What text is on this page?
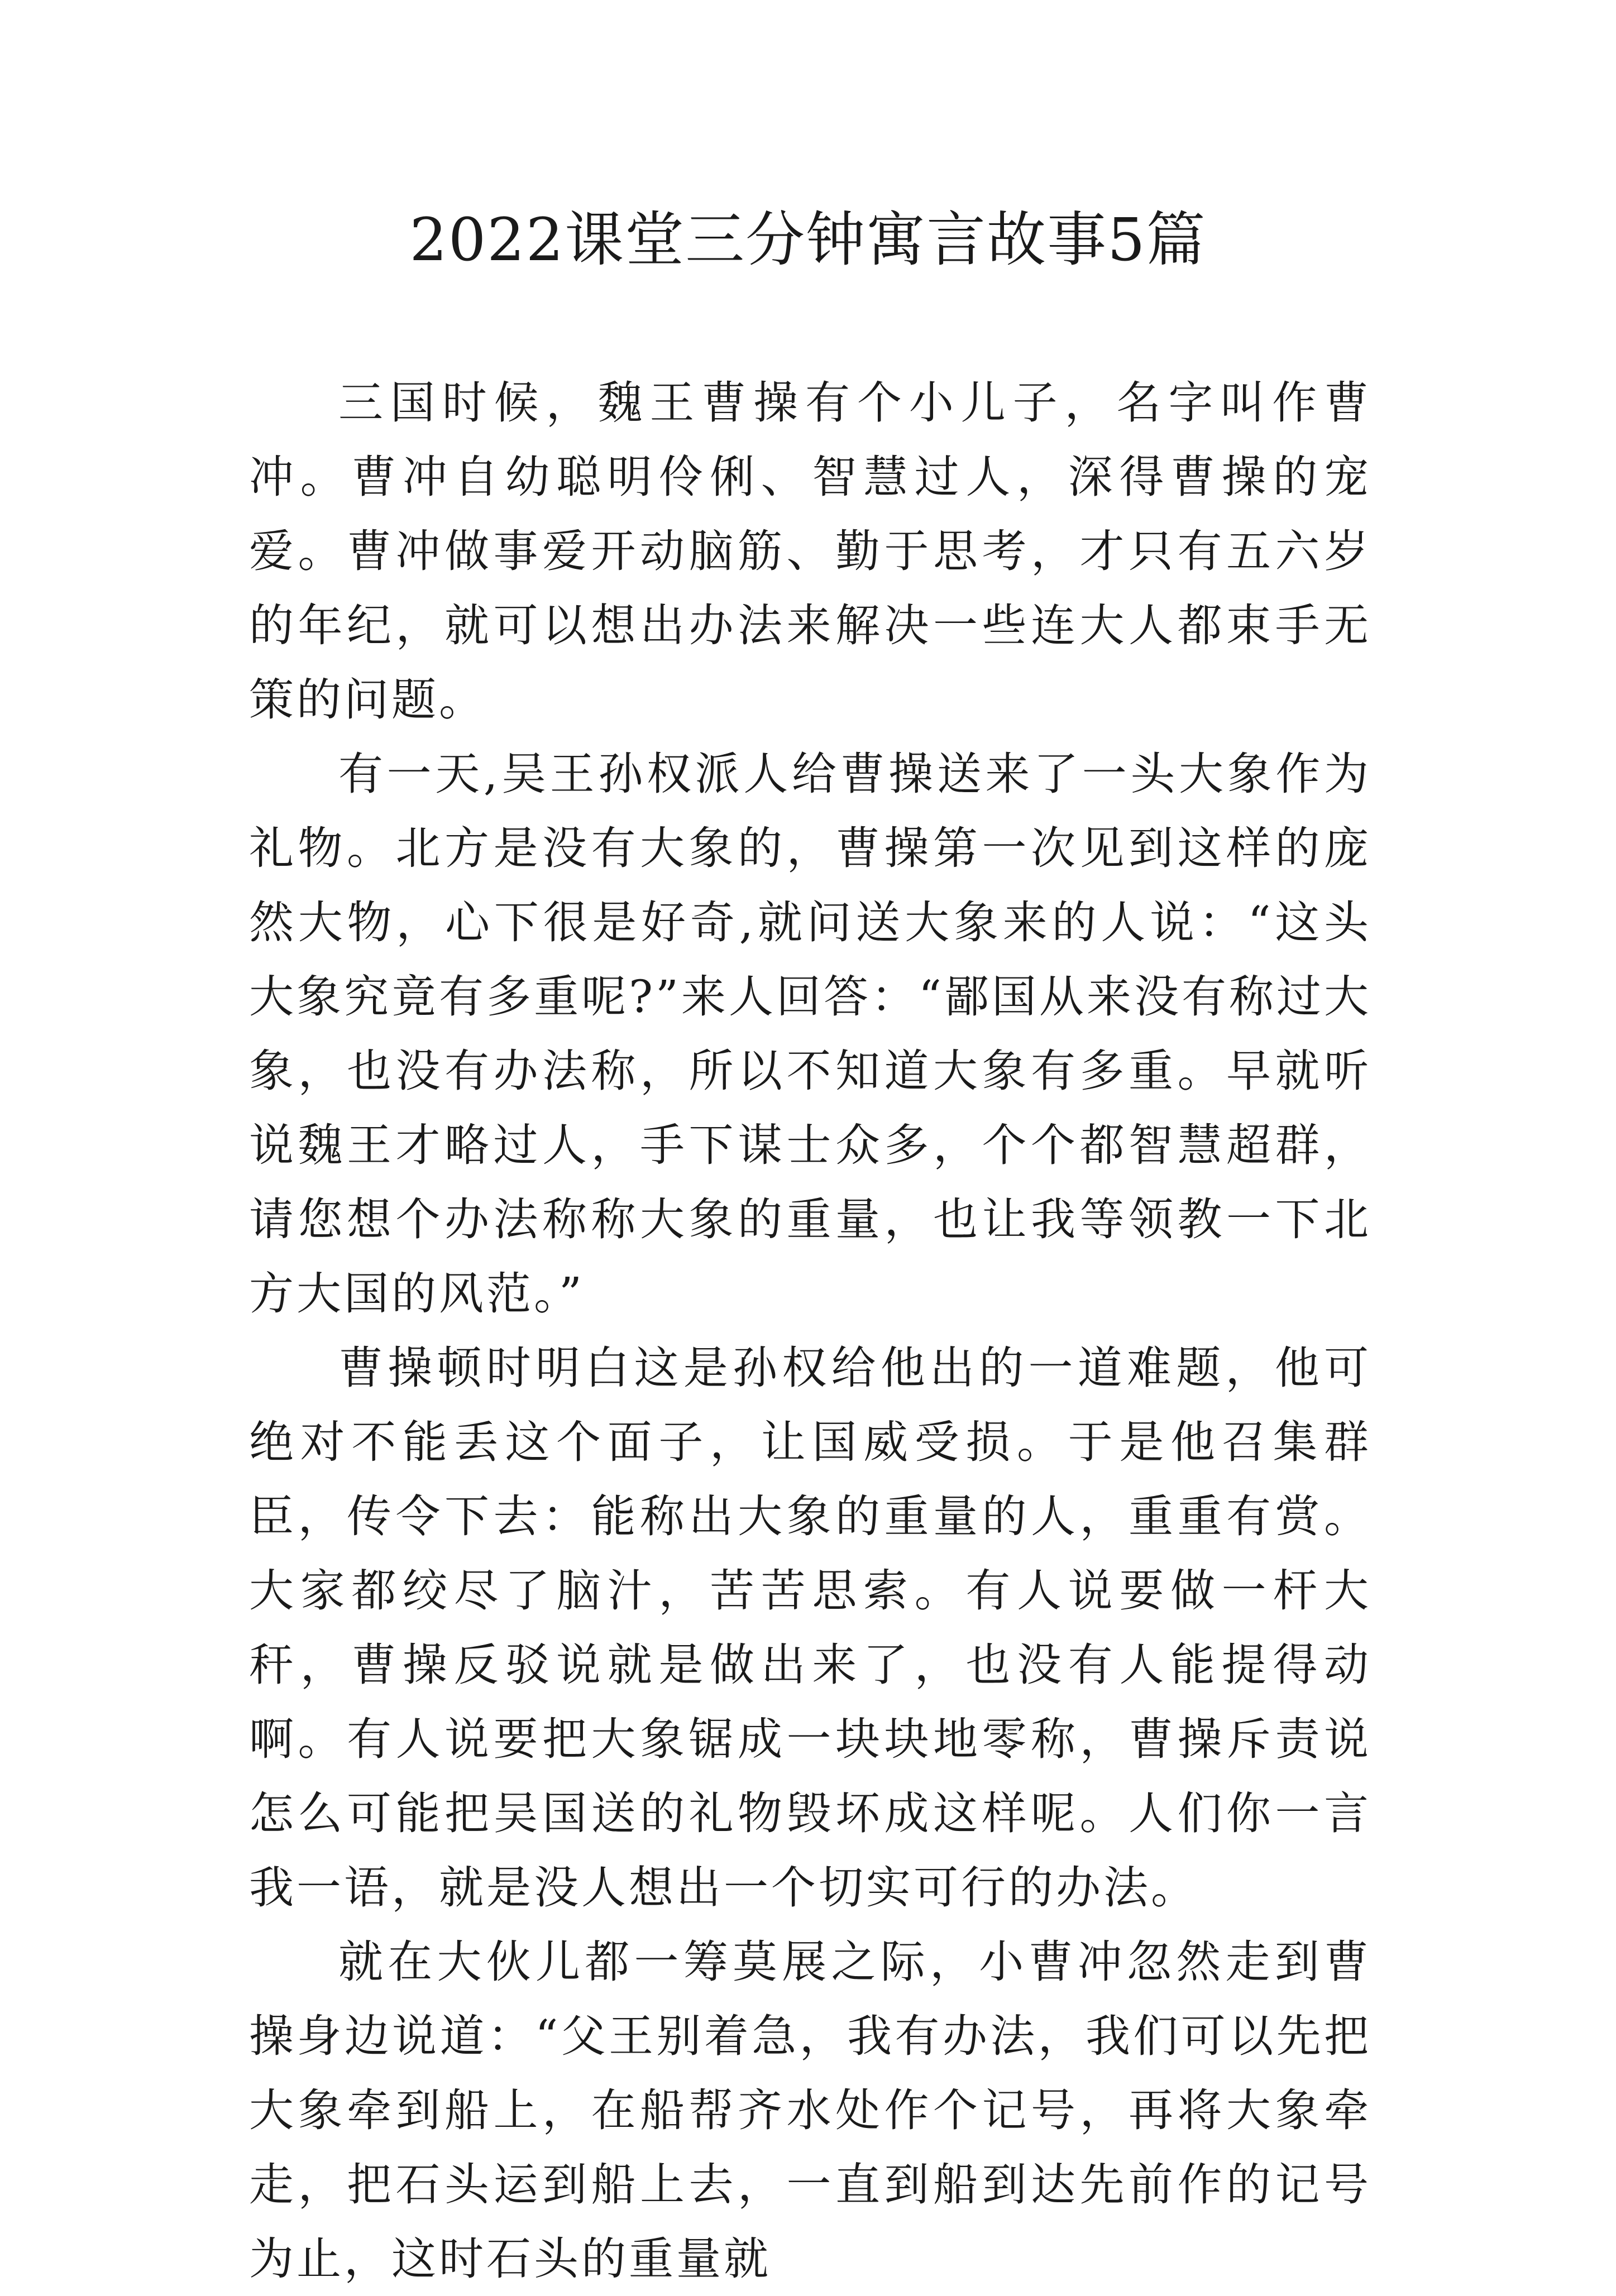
2022课堂三分钟寓言故事5篇

三国时候，魏王曹操有个小儿子，名字叫作曹冲。曹冲自幼聪明伶俐、智慧过人，深得曹操的宠爱。曹冲做事爱开动脑筋、勤于思考，才只有五六岁的年纪，就可以想出办法来解决一些连大人都束手无策的问题。

有一天,吴王孙权派人给曹操送来了一头大象作为礼物。北方是没有大象的，曹操第一次见到这样的庞然大物，心下很是好奇,就问送大象来的人说：“这头大象究竟有多重呢?”来人回答：“鄙国从来没有称过大象，也没有办法称，所以不知道大象有多重。早就听说魏王才略过人，手下谋士众多，个个都智慧超群，请您想个办法称称大象的重量，也让我等领教一下北方大国的风范。”

曹操顿时明白这是孙权给他出的一道难题，他可绝对不能丢这个面子，让国威受损。于是他召集群臣，传令下去：能称出大象的重量的人，重重有赏。大家都绞尽了脑汁，苦苦思索。有人说要做一杆大秆，曹操反驳说就是做出来了，也没有人能提得动啊。有人说要把大象锯成一块块地零称，曹操斥责说怎么可能把吴国送的礼物毁坏成这样呢。人们你一言我一语，就是没人想出一个切实可行的办法。

就在大伙儿都一筹莫展之际，小曹冲忽然走到曹操身边说道：“父王别着急，我有办法，我们可以先把大象牵到船上，在船帮齐水处作个记号，再将大象牵走，把石头运到船上去，一直到船到达先前作的记号为止，这时石头的重量就
